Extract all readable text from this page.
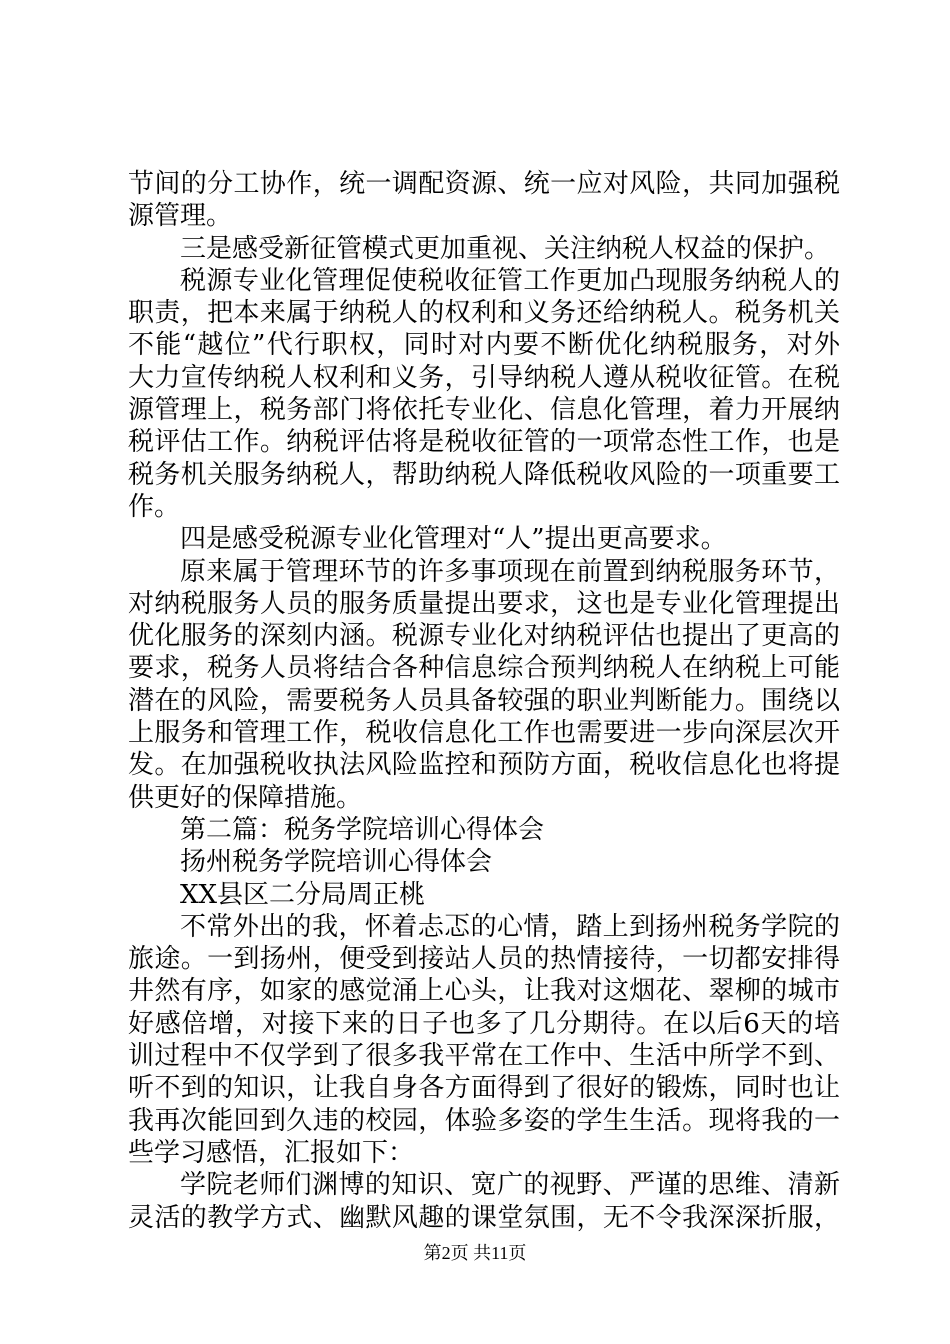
节间的分工协作，统一调配资源、统一应对风险，共同加强税
源管理。
三是感受新征管模式更加重视、关注纳税人权益的保护。
税源专业化管理促使税收征管工作更加凸现服务纳税人的
职责，把本来属于纳税人的权利和义务还给纳税人。税务机关
不能“越位”代行职权，同时对内要不断优化纳税服务，对外
大力宣传纳税人权利和义务，引导纳税人遵从税收征管。在税
源管理上，税务部门将依托专业化、信息化管理，着力开展纳
税评估工作。纳税评估将是税收征管的一项常态性工作，也是
税务机关服务纳税人，帮助纳税人降低税收风险的一项重要工
作。
四是感受税源专业化管理对“人”提出更高要求。
原来属于管理环节的许多事项现在前置到纳税服务环节，
对纳税服务人员的服务质量提出要求，这也是专业化管理提出
优化服务的深刻内涵。税源专业化对纳税评估也提出了更高的
要求，税务人员将结合各种信息综合预判纳税人在纳税上可能
潜在的风险，需要税务人员具备较强的职业判断能力。围绕以
上服务和管理工作，税收信息化工作也需要进一步向深层次开
发。在加强税收执法风险监控和预防方面，税收信息化也将提
供更好的保障措施。
第二篇：税务学院培训心得体会
扬州税务学院培训心得体会
XX县区二分局周正桃
不常外出的我，怀着忐忑的心情，踏上到扬州税务学院的
旅途。一到扬州，便受到接站人员的热情接待，一切都安排得
井然有序，如家的感觉涌上心头，让我对这烟花、翠柳的城市
好感倍增，对接下来的日子也多了几分期待。在以后6天的培
训过程中不仅学到了很多我平常在工作中、生活中所学不到、
听不到的知识，让我自身各方面得到了很好的锻炼，同时也让
我再次能回到久违的校园，体验多姿的学生生活。现将我的一
些学习感悟，汇报如下：
学院老师们渊博的知识、宽广的视野、严谨的思维、清新
灵活的教学方式、幽默风趣的课堂氛围，无不令我深深折服，
第2页 共11页
